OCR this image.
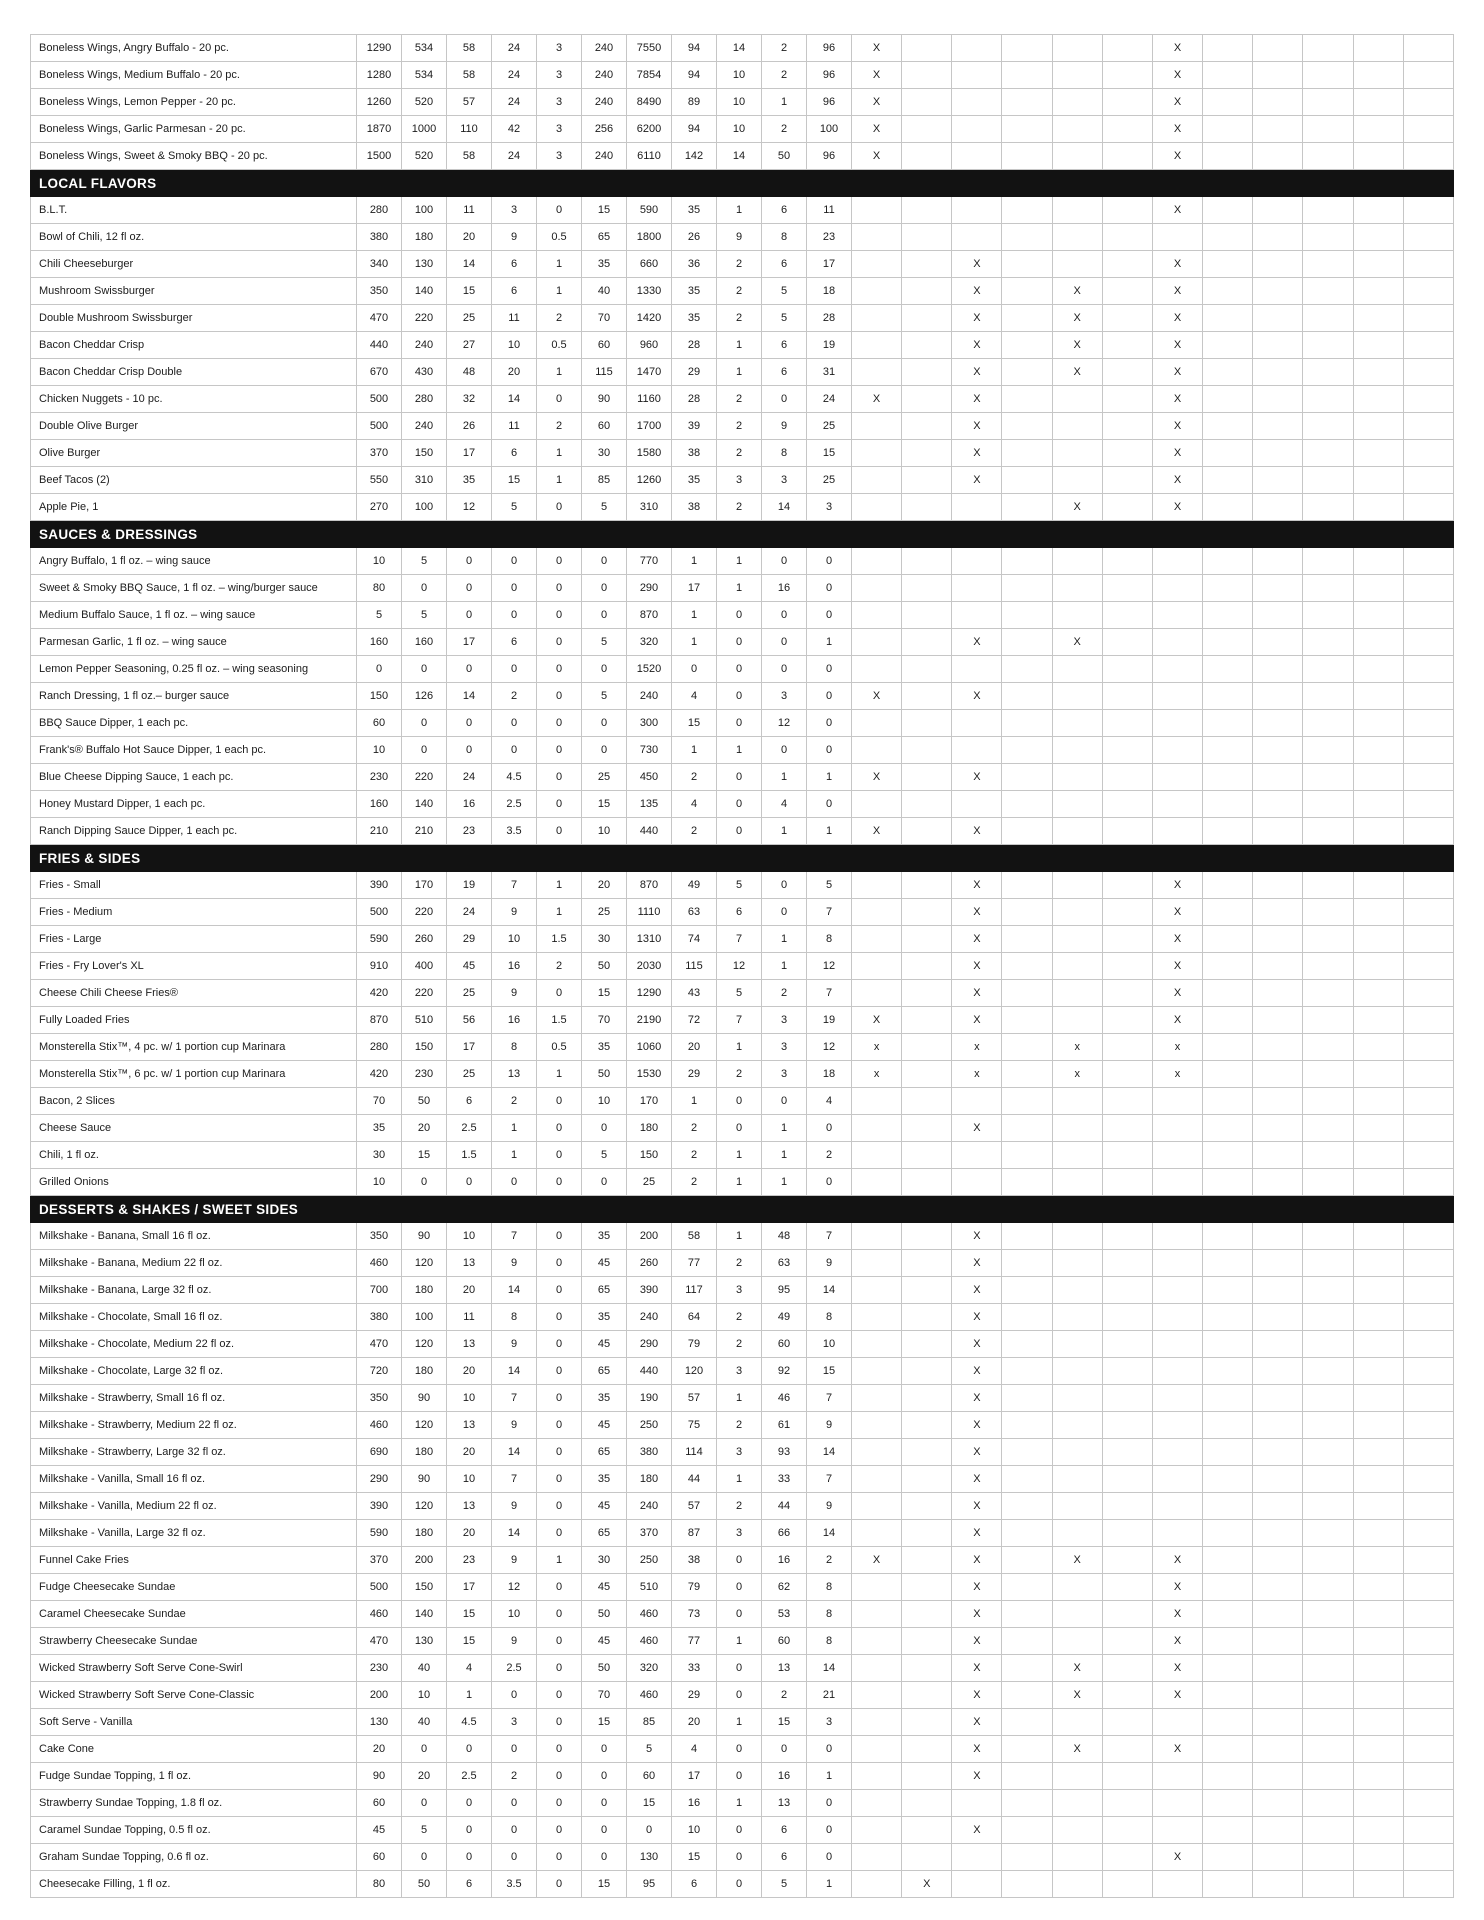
Boneless Wings, Angry Buffalo - 20 pc.	1290	534	58	24	3	240	7550	94	14	2	96	X						X					
Boneless Wings, Medium Buffalo - 20 pc.	1280	534	58	24	3	240	7854	94	10	2	96	X						X					
Boneless Wings, Lemon Pepper - 20 pc.	1260	520	57	24	3	240	8490	89	10	1	96	X						X					
Boneless Wings, Garlic Parmesan - 20 pc.	1870	1000	110	42	3	256	6200	94	10	2	100	X						X					
Boneless Wings, Sweet & Smoky BBQ - 20 pc.	1500	520	58	24	3	240	6110	142	14	50	96	X						X					
LOCAL FLAVORS																							
B.L.T.	280	100	11	3	0	15	590	35	1	6	11							X					
Bowl of Chili, 12 fl oz.	380	180	20	9	0.5	65	1800	26	9	8	23												
Chili Cheeseburger	340	130	14	6	1	35	660	36	2	6	17			X				X					
Mushroom Swissburger	350	140	15	6	1	40	1330	35	2	5	18			X		X		X					
Double Mushroom Swissburger	470	220	25	11	2	70	1420	35	2	5	28			X		X		X					
Bacon Cheddar Crisp	440	240	27	10	0.5	60	960	28	1	6	19			X		X		X					
Bacon Cheddar Crisp Double	670	430	48	20	1	115	1470	29	1	6	31			X		X		X					
Chicken Nuggets - 10 pc.	500	280	32	14	0	90	1160	28	2	0	24	X		X				X					
Double Olive Burger	500	240	26	11	2	60	1700	39	2	9	25			X				X					
Olive Burger	370	150	17	6	1	30	1580	38	2	8	15			X				X					
Beef Tacos (2)	550	310	35	15	1	85	1260	35	3	3	25			X				X					
Apple Pie, 1	270	100	12	5	0	5	310	38	2	14	3					X		X					
SAUCES & DRESSINGS																							
Angry Buffalo, 1 fl oz. – wing sauce	10	5	0	0	0	0	770	1	1	0	0												
Sweet & Smoky BBQ Sauce, 1 fl oz. – wing/burger sauce	80	0	0	0	0	0	290	17	1	16	0												
Medium Buffalo Sauce, 1 fl oz. – wing sauce	5	5	0	0	0	0	870	1	0	0	0												
Parmesan Garlic, 1 fl oz. – wing sauce	160	160	17	6	0	5	320	1	0	0	1			X		X							
Lemon Pepper Seasoning, 0.25 fl oz. – wing seasoning	0	0	0	0	0	0	1520	0	0	0	0												
Ranch Dressing, 1 fl oz.– burger sauce	150	126	14	2	0	5	240	4	0	3	0	X		X									
BBQ Sauce Dipper, 1 each pc.	60	0	0	0	0	0	300	15	0	12	0												
Frank's® Buffalo Hot Sauce Dipper, 1 each pc.	10	0	0	0	0	0	730	1	1	0	0												
Blue Cheese Dipping Sauce, 1 each pc.	230	220	24	4.5	0	25	450	2	0	1	1	X		X									
Honey Mustard Dipper, 1 each pc.	160	140	16	2.5	0	15	135	4	0	4	0												
Ranch Dipping Sauce Dipper, 1 each pc.	210	210	23	3.5	0	10	440	2	0	1	1	X		X									
FRIES & SIDES																							
Fries - Small	390	170	19	7	1	20	870	49	5	0	5			X				X					
Fries - Medium	500	220	24	9	1	25	1110	63	6	0	7			X				X					
Fries - Large	590	260	29	10	1.5	30	1310	74	7	1	8			X				X					
Fries - Fry Lover's XL	910	400	45	16	2	50	2030	115	12	1	12			X				X					
Cheese Chili Cheese Fries®	420	220	25	9	0	15	1290	43	5	2	7			X				X					
Fully Loaded Fries	870	510	56	16	1.5	70	2190	72	7	3	19	X		X				X					
Monsterella Stix™, 4 pc. w/ 1 portion cup Marinara	280	150	17	8	0.5	35	1060	20	1	3	12	x		x		x		x					
Monsterella Stix™, 6 pc. w/ 1 portion cup Marinara	420	230	25	13	1	50	1530	29	2	3	18	x		x		x		x					
Bacon, 2 Slices	70	50	6	2	0	10	170	1	0	0	4												
Cheese Sauce	35	20	2.5	1	0	0	180	2	0	1	0			X									
Chili, 1 fl oz.	30	15	1.5	1	0	5	150	2	1	1	2												
Grilled Onions	10	0	0	0	0	0	25	2	1	1	0												
DESSERTS & SHAKES / SWEET SIDES																							
Milkshake - Banana, Small 16 fl oz.	350	90	10	7	0	35	200	58	1	48	7			X									
Milkshake - Banana, Medium 22 fl oz.	460	120	13	9	0	45	260	77	2	63	9			X									
Milkshake - Banana, Large 32 fl oz.	700	180	20	14	0	65	390	117	3	95	14			X									
Milkshake - Chocolate, Small 16 fl oz.	380	100	11	8	0	35	240	64	2	49	8			X									
Milkshake - Chocolate, Medium 22 fl oz.	470	120	13	9	0	45	290	79	2	60	10			X									
Milkshake - Chocolate, Large 32 fl oz.	720	180	20	14	0	65	440	120	3	92	15			X									
Milkshake - Strawberry, Small 16 fl oz.	350	90	10	7	0	35	190	57	1	46	7			X									
Milkshake - Strawberry, Medium 22 fl oz.	460	120	13	9	0	45	250	75	2	61	9			X									
Milkshake - Strawberry, Large 32 fl oz.	690	180	20	14	0	65	380	114	3	93	14			X									
Milkshake - Vanilla, Small 16 fl oz.	290	90	10	7	0	35	180	44	1	33	7			X									
Milkshake - Vanilla, Medium 22 fl oz.	390	120	13	9	0	45	240	57	2	44	9			X									
Milkshake - Vanilla, Large 32 fl oz.	590	180	20	14	0	65	370	87	3	66	14			X									
Funnel Cake Fries	370	200	23	9	1	30	250	38	0	16	2	X		X		X		X					
Fudge Cheesecake Sundae	500	150	17	12	0	45	510	79	0	62	8			X				X					
Caramel Cheesecake Sundae	460	140	15	10	0	50	460	73	0	53	8			X				X					
Strawberry Cheesecake Sundae	470	130	15	9	0	45	460	77	1	60	8			X				X					
Wicked Strawberry Soft Serve Cone-Swirl	230	40	4	2.5	0	50	320	33	0	13	14			X		X		X					
Wicked Strawberry Soft Serve Cone-Classic	200	10	1	0	0	70	460	29	0	2	21			X		X		X					
Soft Serve - Vanilla	130	40	4.5	3	0	15	85	20	1	15	3			X									
Cake Cone	20	0	0	0	0	0	5	4	0	0	0			X		X		X					
Fudge Sundae Topping, 1 fl oz.	90	20	2.5	2	0	0	60	17	0	16	1			X									
Strawberry Sundae Topping, 1.8 fl oz.	60	0	0	0	0	0	15	16	1	13	0												
Caramel Sundae Topping, 0.5 fl oz.	45	5	0	0	0	0	0	10	0	6	0			X									
Graham Sundae Topping, 0.6 fl oz.	60	0	0	0	0	0	130	15	0	6	0							X					
Cheesecake Filling, 1 fl oz.	80	50	6	3.5	0	15	95	6	0	5	1		X										
